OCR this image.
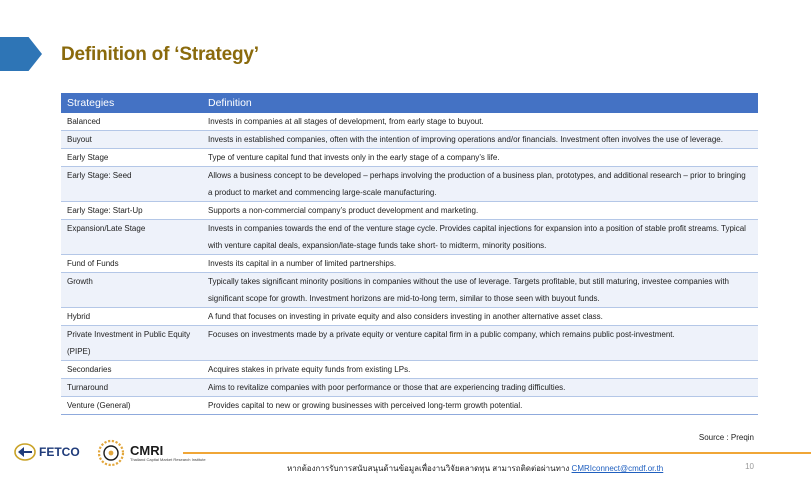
Definition of ‘Strategy’
Strategies	Definition
Balanced	Invests in companies at all stages of development, from early stage to buyout.
Buyout	Invests in established companies, often with the intention of improving operations and/or financials. Investment often involves the use of leverage.
Early Stage	Type of venture capital fund that invests only in the early stage of a company’s life.
Early Stage: Seed	Allows a business concept to be developed – perhaps involving the production of a business plan, prototypes, and additional research – prior to bringing a product to market and commencing large-scale manufacturing.
Early Stage: Start-Up	Supports a non-commercial company’s product development and marketing.
Expansion/Late Stage	Invests in companies towards the end of the venture stage cycle. Provides capital injections for expansion into a position of stable profit streams. Typical with venture capital deals, expansion/late-stage funds take short- to midterm, minority positions.
Fund of Funds	Invests its capital in a number of limited partnerships.
Growth	Typically takes significant minority positions in companies without the use of leverage. Targets profitable, but still maturing, investee companies with significant scope for growth. Investment horizons are mid-to-long term, similar to those seen with buyout funds.
Hybrid	A fund that focuses on investing in private equity and also considers investing in another alternative asset class.
Private Investment in Public Equity (PIPE)	Focuses on investments made by a private equity or venture capital firm in a public company, which remains public post-investment.
Secondaries	Acquires stakes in private equity funds from existing LPs.
Turnaround	Aims to revitalize companies with poor performance or those that are experiencing trading difficulties.
Venture (General)	Provides capital to new or growing businesses with perceived long-term growth potential.
Source : Preqin
FETCO	CMRI
Thailand Capital Market Research Institute
หากต้องการรับการสนับสนุนด้านข้อมูลเพื่องานวิจัยตลาดทุน สามารถติดต่อผ่านทาง CMRIconnect@cmdf.or.th	10
